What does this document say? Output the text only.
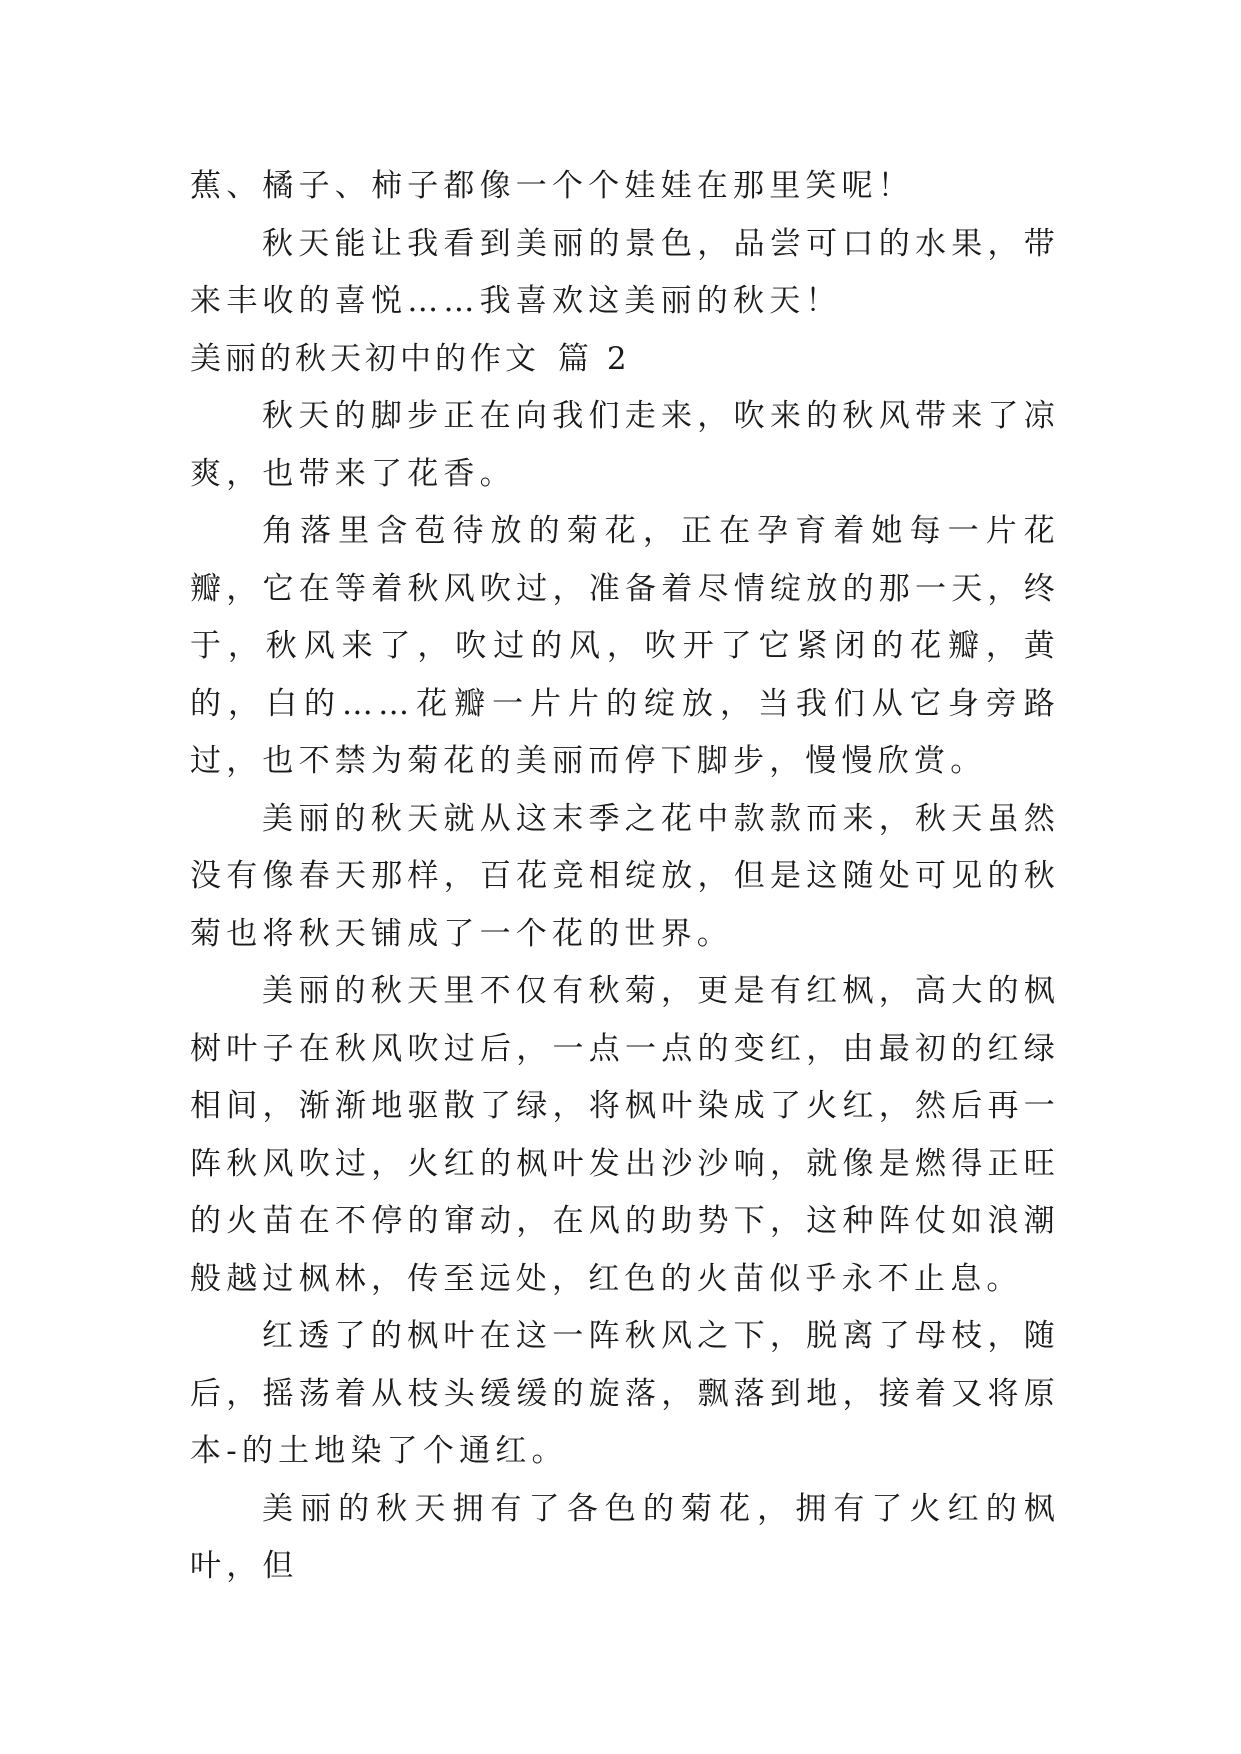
蕉、橘子、柿子都像一个个娃娃在那里笑呢！

秋天能让我看到美丽的景色，品尝可口的水果，带来丰收的喜悦……我喜欢这美丽的秋天！

美丽的秋天初中的作文 篇 2

秋天的脚步正在向我们走来，吹来的秋风带来了凉爽，也带来了花香。

角落里含苞待放的菊花，正在孕育着她每一片花瓣，它在等着秋风吹过，准备着尽情绽放的那一天，终于，秋风来了，吹过的风，吹开了它紧闭的花瓣，黄的，白的……花瓣一片片的绽放，当我们从它身旁路过，也不禁为菊花的美丽而停下脚步，慢慢欣赏。

美丽的秋天就从这末季之花中款款而来，秋天虽然没有像春天那样，百花竞相绽放，但是这随处可见的秋菊也将秋天铺成了一个花的世界。

美丽的秋天里不仅有秋菊，更是有红枫，高大的枫树叶子在秋风吹过后，一点一点的变红，由最初的红绿相间，渐渐地驱散了绿，将枫叶染成了火红，然后再一阵秋风吹过，火红的枫叶发出沙沙响，就像是燃得正旺的火苗在不停的窜动，在风的助势下，这种阵仗如浪潮般越过枫林，传至远处，红色的火苗似乎永不止息。

红透了的枫叶在这一阵秋风之下，脱离了母枝，随后，摇荡着从枝头缓缓的旋落，飘落到地，接着又将原本-的土地染了个通红。

美丽的秋天拥有了各色的菊花，拥有了火红的枫叶，但
